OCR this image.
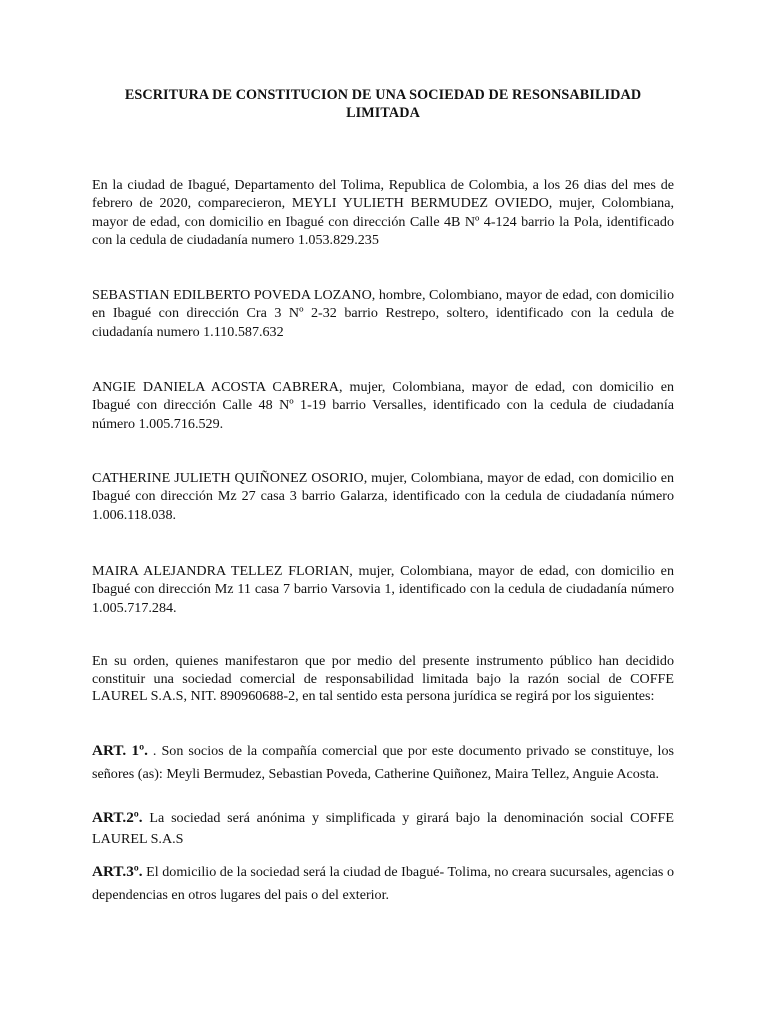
ESCRITURA DE CONSTITUCION DE UNA SOCIEDAD DE RESONSABILIDAD LIMITADA

En la ciudad de Ibagué, Departamento del Tolima, Republica de Colombia, a los 26 dias del mes de febrero de 2020, comparecieron, MEYLI YULIETH BERMUDEZ OVIEDO, mujer, Colombiana, mayor de edad, con domicilio en Ibagué con dirección Calle 4B Nº 4-124 barrio la Pola, identificado con la cedula de ciudadanía numero 1.053.829.235

SEBASTIAN EDILBERTO POVEDA LOZANO, hombre, Colombiano, mayor de edad, con domicilio en Ibagué con dirección Cra 3 Nº 2-32 barrio Restrepo, soltero, identificado con la cedula de ciudadanía numero 1.110.587.632

ANGIE DANIELA ACOSTA CABRERA, mujer, Colombiana, mayor de edad, con domicilio en Ibagué con dirección Calle 48 Nº 1-19 barrio Versalles, identificado con la cedula de ciudadanía número 1.005.716.529.

CATHERINE JULIETH QUIÑONEZ OSORIO, mujer, Colombiana, mayor de edad, con domicilio en Ibagué con dirección Mz 27 casa 3 barrio Galarza, identificado con la cedula de ciudadanía número 1.006.118.038.

MAIRA ALEJANDRA TELLEZ FLORIAN, mujer, Colombiana, mayor de edad, con domicilio en Ibagué con dirección Mz 11 casa 7 barrio Varsovia 1, identificado con la cedula de ciudadanía número 1.005.717.284.

En su orden, quienes manifestaron que por medio del presente instrumento público han decidido constituir una sociedad comercial de responsabilidad limitada bajo la razón social de COFFE LAUREL S.A.S, NIT. 890960688-2, en tal sentido esta persona jurídica se regirá por los siguientes:

ART. 1º. . Son socios de la compañía comercial que por este documento privado se constituye, los señores (as): Meyli Bermudez, Sebastian Poveda, Catherine Quiñonez, Maira Tellez, Anguie Acosta.

ART.2º. La sociedad será anónima y simplificada y girará bajo la denominación social COFFE LAUREL S.A.S

ART.3º. El domicilio de la sociedad será la ciudad de Ibagué- Tolima, no creara sucursales, agencias o dependencias en otros lugares del pais o del exterior.
